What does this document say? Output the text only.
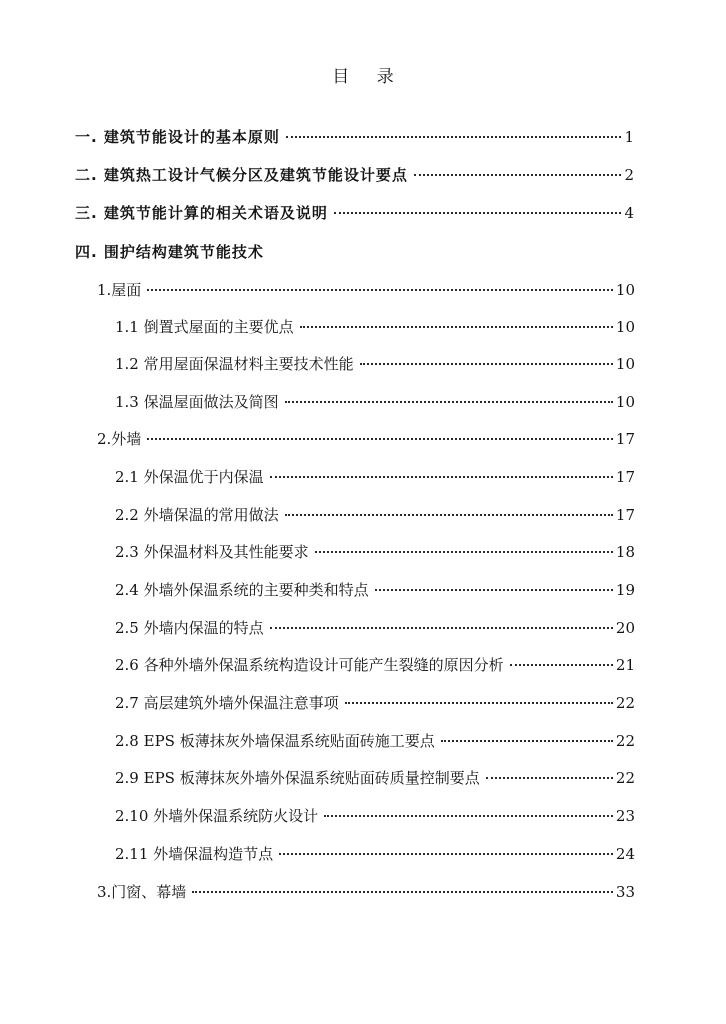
目 录
一. 建筑节能设计的基本原则	1
二. 建筑热工设计气候分区及建筑节能设计要点	2
三. 建筑节能计算的相关术语及说明	4
四. 围护结构建筑节能技术
1.屋面	10
1.1 倒置式屋面的主要优点	10
1.2 常用屋面保温材料主要技术性能	10
1.3 保温屋面做法及简图	10
2.外墙	17
2.1 外保温优于内保温	17
2.2 外墙保温的常用做法	17
2.3 外保温材料及其性能要求	18
2.4 外墙外保温系统的主要种类和特点	19
2.5 外墙内保温的特点	20
2.6 各种外墙外保温系统构造设计可能产生裂缝的原因分析	21
2.7 高层建筑外墙外保温注意事项	22
2.8 EPS 板薄抹灰外墙保温系统贴面砖施工要点	22
2.9 EPS 板薄抹灰外墙外保温系统贴面砖质量控制要点	22
2.10 外墙外保温系统防火设计	23
2.11 外墙保温构造节点	24
3.门窗、幕墙	33
